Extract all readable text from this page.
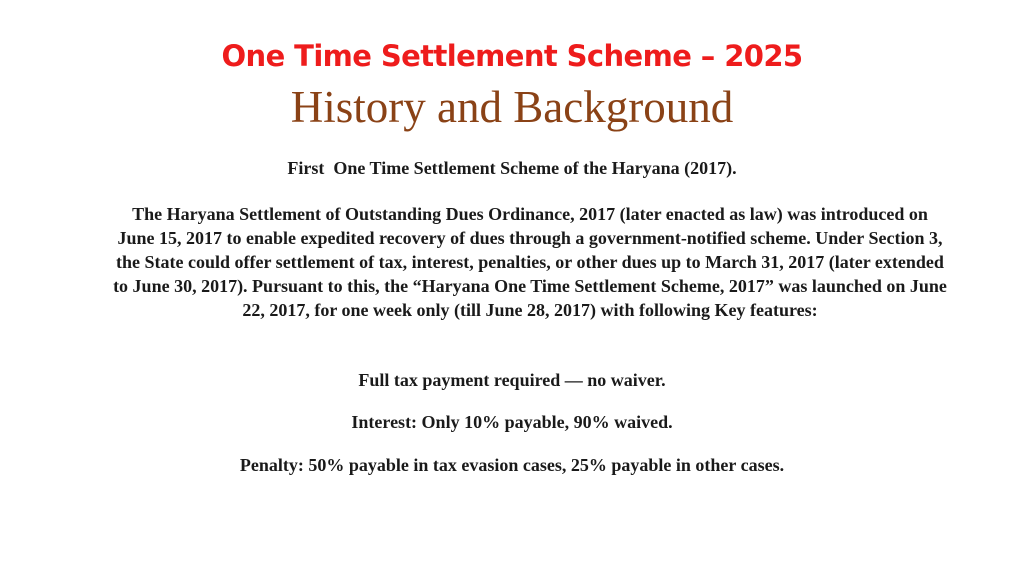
One Time Settlement Scheme – 2025
History and Background
First  One Time Settlement Scheme of the Haryana (2017).
The Haryana Settlement of Outstanding Dues Ordinance, 2017 (later enacted as law) was introduced on June 15, 2017 to enable expedited recovery of dues through a government-notified scheme. Under Section 3, the State could offer settlement of tax, interest, penalties, or other dues up to March 31, 2017 (later extended to June 30, 2017). Pursuant to this, the “Haryana One Time Settlement Scheme, 2017” was launched on June 22, 2017, for one week only (till June 28, 2017) with following Key features:
Full tax payment required — no waiver.
Interest: Only 10% payable, 90% waived.
Penalty: 50% payable in tax evasion cases, 25% payable in other cases.
